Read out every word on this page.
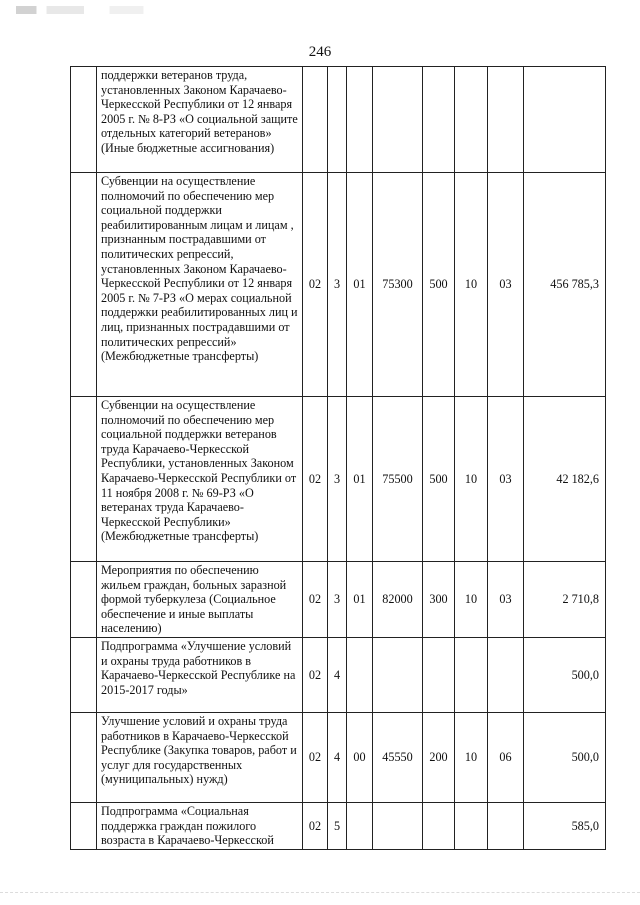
246
	поддержки ветеранов труда, установленных Законом Карачаево-Черкесской Республики от 12 января 2005 г. № 8-РЗ «О социальной защите отдельных категорий ветеранов» (Иные бюджетные ассигнования)								
	Субвенции на осуществление полномочий по обеспечению мер социальной поддержки реабилитированным лицам и лицам , признанным пострадавшими от политических репрессий, установленных Законом Карачаево-Черкесской Республики от 12 января 2005 г. № 7-РЗ «О мерах социальной поддержки реабилитированных лиц и лиц, признанных пострадавшими от политических репрессий» (Межбюджетные трансферты)	02	3	01	75300	500	10	03	456 785,3
	Субвенции на осуществление полномочий по обеспечению мер социальной поддержки ветеранов труда Карачаево-Черкесской Республики, установленных Законом Карачаево-Черкесской Республики от 11 ноября 2008 г. № 69-РЗ «О ветеранах труда Карачаево-Черкесской Республики» (Межбюджетные трансферты)	02	3	01	75500	500	10	03	42 182,6
	Мероприятия по обеспечению жильем граждан, больных заразной формой туберкулеза (Социальное обеспечение и иные выплаты населению)	02	3	01	82000	300	10	03	2 710,8
	Подпрограмма «Улучшение условий и охраны труда работников в Карачаево-Черкесской Республике на 2015-2017 годы»	02	4						500,0
	Улучшение условий и охраны труда работников в Карачаево-Черкесской Республике (Закупка товаров, работ и услуг для государственных (муниципальных) нужд)	02	4	00	45550	200	10	06	500,0
	Подпрограмма «Социальная поддержка граждан пожилого возраста в Карачаево-Черкесской	02	5						585,0
